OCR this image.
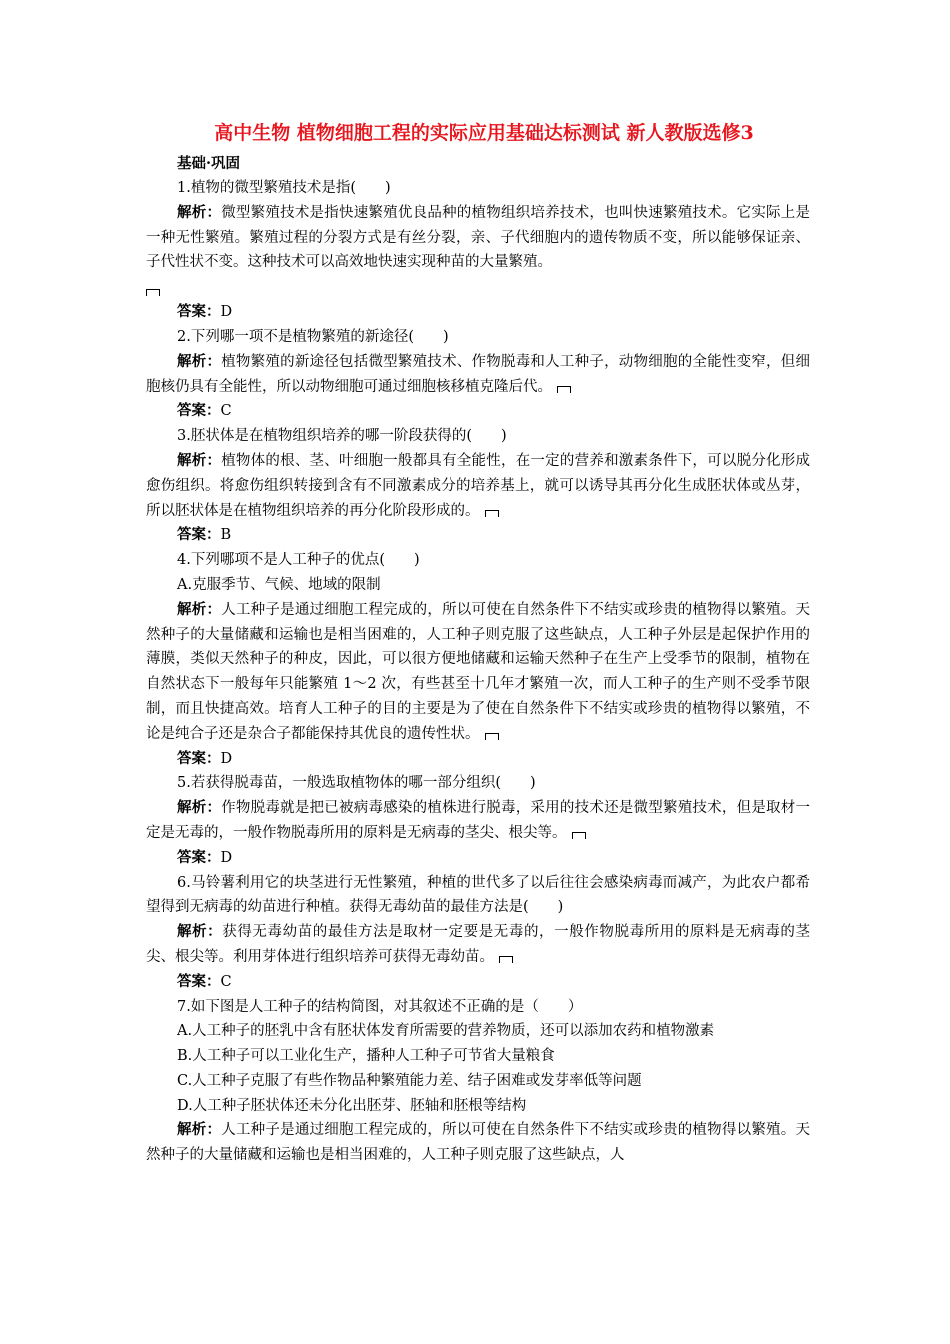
高中生物 植物细胞工程的实际应用基础达标测试 新人教版选修3
基础·巩固
1.植物的微型繁殖技术是指(　　)
解析：微型繁殖技术是指快速繁殖优良品种的植物组织培养技术，也叫快速繁殖技术。它实际上是一种无性繁殖。繁殖过程的分裂方式是有丝分裂，亲、子代细胞内的遗传物质不变，所以能够保证亲、子代性状不变。这种技术可以高效地快速实现种苗的大量繁殖。
答案：D
2.下列哪一项不是植物繁殖的新途径(　　)
解析：植物繁殖的新途径包括微型繁殖技术、作物脱毒和人工种子，动物细胞的全能性变窄，但细胞核仍具有全能性，所以动物细胞可通过细胞核移植克隆后代。
答案：C
3.胚状体是在植物组织培养的哪一阶段获得的(　　)
解析：植物体的根、茎、叶细胞一般都具有全能性，在一定的营养和激素条件下，可以脱分化形成愈伤组织。将愈伤组织转接到含有不同激素成分的培养基上，就可以诱导其再分化生成胚状体或丛芽，所以胚状体是在植物组织培养的再分化阶段形成的。
答案：B
4.下列哪项不是人工种子的优点(　　)
A.克服季节、气候、地域的限制
解析：人工种子是通过细胞工程完成的，所以可使在自然条件下不结实或珍贵的植物得以繁殖。天然种子的大量储藏和运输也是相当困难的，人工种子则克服了这些缺点，人工种子外层是起保护作用的薄膜，类似天然种子的种皮，因此，可以很方便地储藏和运输天然种子在生产上受季节的限制，植物在自然状态下一般每年只能繁殖 1～2 次，有些甚至十几年才繁殖一次，而人工种子的生产则不受季节限制，而且快捷高效。培育人工种子的目的主要是为了使在自然条件下不结实或珍贵的植物得以繁殖，不论是纯合子还是杂合子都能保持其优良的遗传性状。
答案：D
5.若获得脱毒苗，一般选取植物体的哪一部分组织(　　)
解析：作物脱毒就是把已被病毒感染的植株进行脱毒，采用的技术还是微型繁殖技术，但是取材一定是无毒的，一般作物脱毒所用的原料是无病毒的茎尖、根尖等。
答案：D
6.马铃薯利用它的块茎进行无性繁殖，种植的世代多了以后往往会感染病毒而减产，为此农户都希望得到无病毒的幼苗进行种植。获得无毒幼苗的最佳方法是(　　)
解析：获得无毒幼苗的最佳方法是取材一定要是无毒的，一般作物脱毒所用的原料是无病毒的茎尖、根尖等。利用芽体进行组织培养可获得无毒幼苗。
答案：C
7.如下图是人工种子的结构简图，对其叙述不正确的是（　　）
A.人工种子的胚乳中含有胚状体发育所需要的营养物质，还可以添加农药和植物激素
B.人工种子可以工业化生产，播种人工种子可节省大量粮食
C.人工种子克服了有些作物品种繁殖能力差、结子困难或发芽率低等问题
D.人工种子胚状体还未分化出胚芽、胚轴和胚根等结构
解析：人工种子是通过细胞工程完成的，所以可使在自然条件下不结实或珍贵的植物得以繁殖。天然种子的大量储藏和运输也是相当困难的，人工种子则克服了这些缺点，人
